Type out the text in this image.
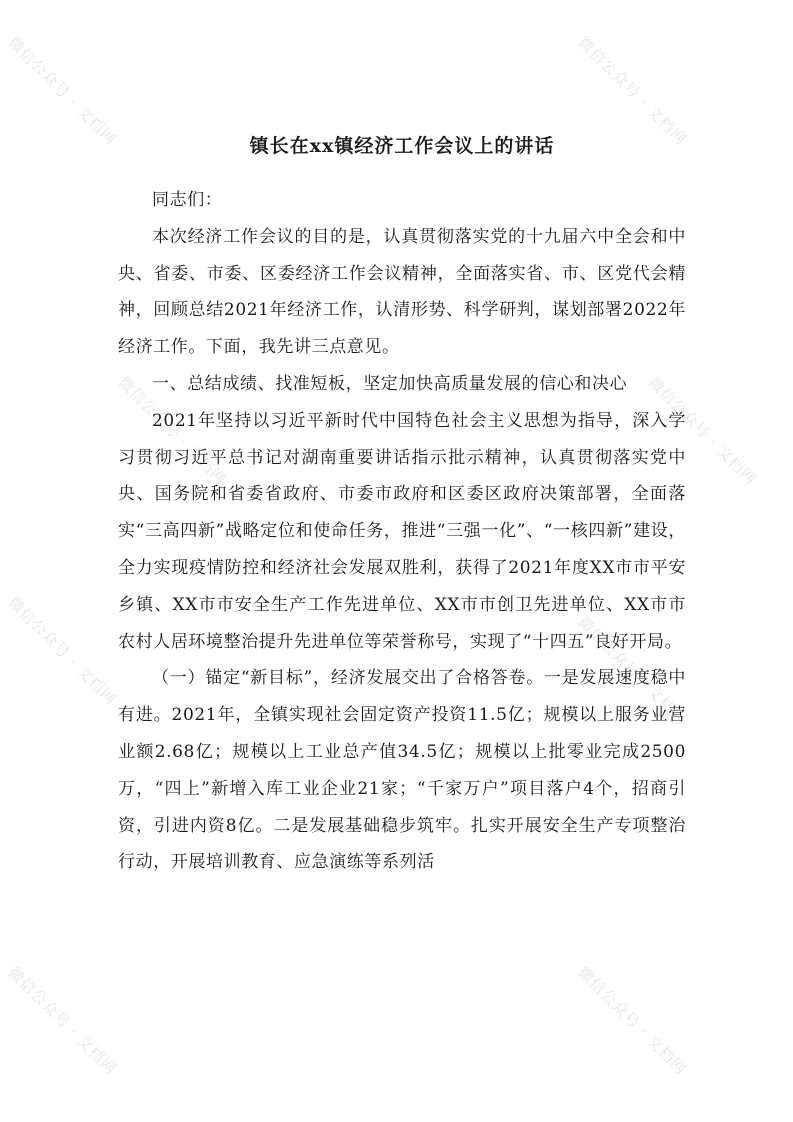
微信公众号 · 文档网	微信公众号 · 文档网
微信公众号 · 文档网	微信公众号 · 文档网
微信公众号 · 文档网	微信公众号 · 文档网
微信公众号 · 文档网	微信公众号 · 文档网
镇长在xx镇经济工作会议上的讲话

同志们：

本次经济工作会议的目的是，认真贯彻落实党的十九届六中全会和中央、省委、市委、区委经济工作会议精神，全面落实省、市、区党代会精神，回顾总结2021年经济工作，认清形势、科学研判，谋划部署2022年经济工作。下面，我先讲三点意见。

一、总结成绩、找准短板，坚定加快高质量发展的信心和决心

2021年坚持以习近平新时代中国特色社会主义思想为指导，深入学习贯彻习近平总书记对湖南重要讲话指示批示精神，认真贯彻落实党中央、国务院和省委省政府、市委市政府和区委区政府决策部署，全面落实“三高四新”战略定位和使命任务，推进“三强一化”、“一核四新”建设，全力实现疫情防控和经济社会发展双胜利，获得了2021年度XX市市平安乡镇、XX市市安全生产工作先进单位、XX市市创卫先进单位、XX市市农村人居环境整治提升先进单位等荣誉称号，实现了“十四五”良好开局。

（一）锚定“新目标”，经济发展交出了合格答卷。一是发展速度稳中有进。2021年，全镇实现社会固定资产投资11.5亿；规模以上服务业营业额2.68亿；规模以上工业总产值34.5亿；规模以上批零业完成2500万，“四上”新增入库工业企业21家；“千家万户”项目落户4个，招商引资，引进内资8亿。二是发展基础稳步筑牢。扎实开展安全生产专项整治行动，开展培训教育、应急演练等系列活
